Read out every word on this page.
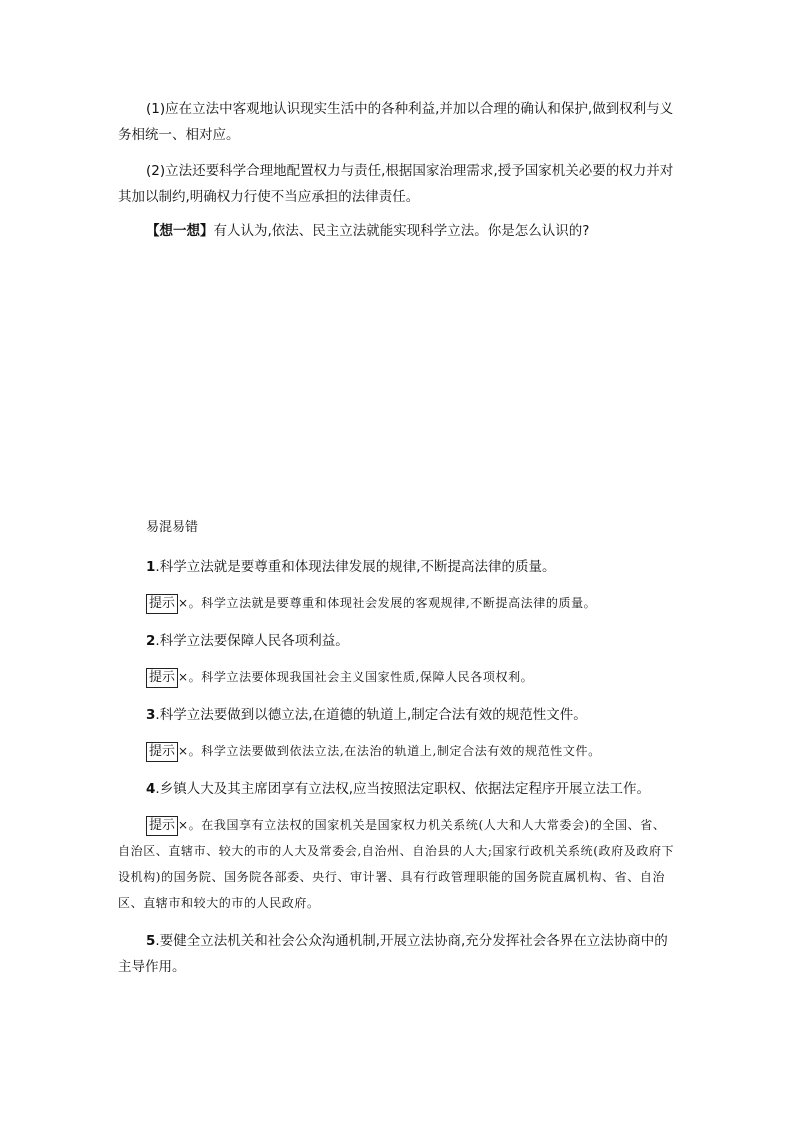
(1)应在立法中客观地认识现实生活中的各种利益,并加以合理的确认和保护,做到权利与义务相统一、相对应。

(2)立法还要科学合理地配置权力与责任,根据国家治理需求,授予国家机关必要的权力并对其加以制约,明确权力行使不当应承担的法律责任。

【想一想】有人认为,依法、民主立法就能实现科学立法。你是怎么认识的?

易混易错

1.科学立法就是要尊重和体现法律发展的规律,不断提高法律的质量。

提示 ×。科学立法就是要尊重和体现社会发展的客观规律,不断提高法律的质量。

2.科学立法要保障人民各项利益。

提示 ×。科学立法要体现我国社会主义国家性质,保障人民各项权利。

3.科学立法要做到以德立法,在道德的轨道上,制定合法有效的规范性文件。

提示 ×。科学立法要做到依法立法,在法治的轨道上,制定合法有效的规范性文件。

4.乡镇人大及其主席团享有立法权,应当按照法定职权、依据法定程序开展立法工作。

提示 ×。在我国享有立法权的国家机关是国家权力机关系统(人大和人大常委会)的全国、省、自治区、直辖市、较大的市的人大及常委会,自治州、自治县的人大;国家行政机关系统(政府及政府下设机构)的国务院、国务院各部委、央行、审计署、具有行政管理职能的国务院直属机构、省、自治区、直辖市和较大的市的人民政府。

5.要健全立法机关和社会公众沟通机制,开展立法协商,充分发挥社会各界在立法协商中的主导作用。
